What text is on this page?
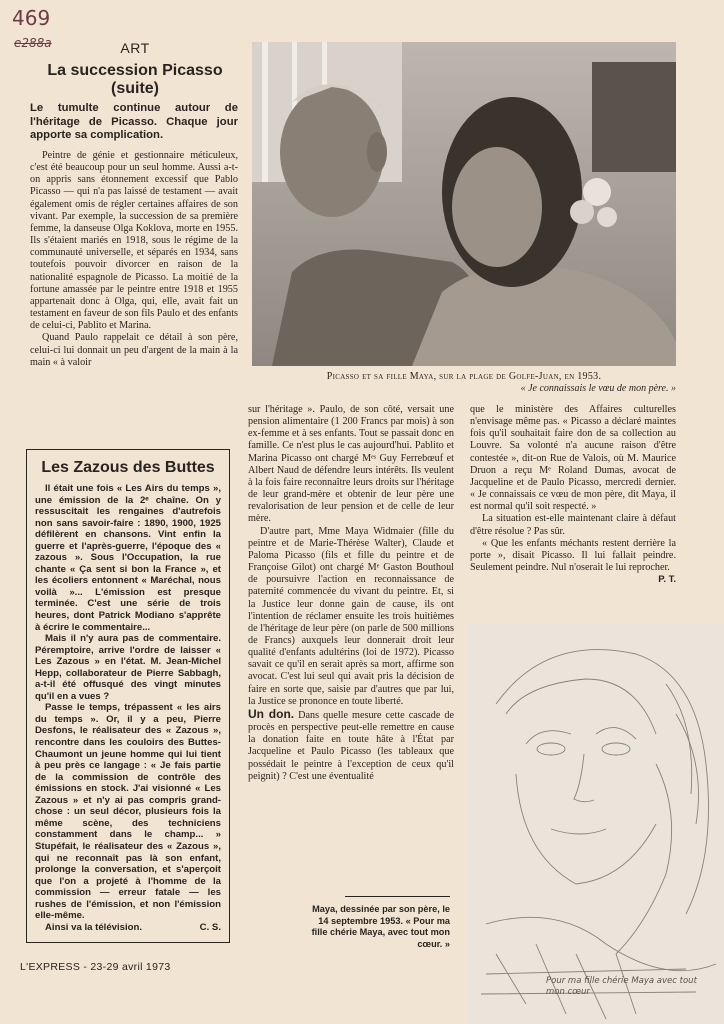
469
e288a	ART
La succession Picasso (suite)
Le tumulte continue autour de l'héritage de Picasso. Chaque jour apporte sa complication.

Peintre de génie et gestionnaire méticuleux, c'est été beaucoup pour un seul homme. Aussi a-t-on appris sans étonnement excessif que Pablo Picasso — qui n'a pas laissé de testament — avait également omis de régler certaines affaires de son vivant. Par exemple, la succession de sa première femme, la danseuse Olga Koklova, morte en 1955. Ils s'étaient mariés en 1918, sous le régime de la communauté universelle, et séparés en 1934, sans toutefois pouvoir divorcer en raison de la nationalité espagnole de Picasso. La moitié de la fortune amassée par le peintre entre 1918 et 1955 appartenait donc à Olga, qui, elle, avait fait un testament en faveur de son fils Paulo et des enfants de celui-ci, Pablito et Marina.

Quand Paulo rappelait ce détail à son père, celui-ci lui donnait un peu d'argent de la main à la main « à valoir

Les Zazous des Buttes

Il était une fois « Les Airs du temps », une émission de la 2ᵉ chaîne. On y ressuscitait les rengaines d'autrefois non sans savoir-faire : 1890, 1900, 1925 défilèrent en chansons. Vint enfin la guerre et l'après-guerre, l'époque des « zazous ». Sous l'Occupation, la rue chante « Ça sent si bon la France », et les écoliers entonnent « Maréchal, nous voilà »... L'émission est presque terminée. C'est une série de trois heures, dont Patrick Modiano s'apprête à écrire le commentaire...

Mais il n'y aura pas de commentaire. Péremptoire, arrive l'ordre de laisser « Les Zazous » en l'état. M. Jean-Michel Hepp, collaborateur de Pierre Sabbagh, a-t-il été offusqué des vingt minutes qu'il en a vues ?

Passe le temps, trépassent « les airs du temps ». Or, il y a peu, Pierre Desfons, le réalisateur des « Zazous », rencontre dans les couloirs des Buttes-Chaumont un jeune homme qui lui tient à peu près ce langage : « Je fais partie de la commission de contrôle des émissions en stock. J'ai visionné « Les Zazous » et n'y ai pas compris grand-chose : un seul décor, plusieurs fois la même scène, des techniciens constamment dans le champ... » Stupéfait, le réalisateur des « Zazous », qui ne reconnaît pas là son enfant, prolonge la conversation, et s'aperçoit que l'on a projeté à l'homme de la commission — erreur fatale — les rushes de l'émission, et non l'émission elle-même.

Ainsi va la télévision.	C. S.

Picasso et sa fille Maya, sur la plage de Golfe-Juan, en 1953.
« Je connaissais le vœu de mon père. »

sur l'héritage ». Paulo, de son côté, versait une pension alimentaire (1 200 Francs par mois) à son ex-femme et à ses enfants. Tout se passait donc en famille. Ce n'est plus le cas aujourd'hui. Pablito et Marina Picasso ont chargé Mᵉˢ Guy Ferrebœuf et Albert Naud de défendre leurs intérêts. Ils veulent à la fois faire reconnaître leurs droits sur l'héritage de leur grand-mère et obtenir de leur père une revalorisation de leur pension et de celle de leur mère.

D'autre part, Mme Maya Widmaier (fille du peintre et de Marie-Thérèse Walter), Claude et Paloma Picasso (fils et fille du peintre et de Françoise Gilot) ont chargé Mᵉ Gaston Bouthoul de poursuivre l'action en reconnaissance de paternité commencée du vivant du peintre. Et, si la Justice leur donne gain de cause, ils ont l'intention de réclamer ensuite les trois huitièmes de l'héritage de leur père (on parle de 500 millions de Francs) auxquels leur donnerait droit leur qualité d'enfants adultérins (loi de 1972). Picasso savait ce qu'il en serait après sa mort, affirme son avocat. C'est lui seul qui avait pris la décision de faire en sorte que, saisie par d'autres que par lui, la Justice se prononce en toute liberté.

Un don. Dans quelle mesure cette cascade de procès en perspective peut-elle remettre en cause la donation faite en toute hâte à l'État par Jacqueline et Paulo Picasso (les tableaux que possédait le peintre à l'exception de ceux qu'il peignit) ? C'est une éventualité

que le ministère des Affaires culturelles n'envisage même pas. « Picasso a déclaré maintes fois qu'il souhaitait faire don de sa collection au Louvre. Sa volonté n'a aucune raison d'être contestée », dit-on Rue de Valois, où M. Maurice Druon a reçu Mᵉ Roland Dumas, avocat de Jacqueline et de Paulo Picasso, mercredi dernier. « Je connaissais ce vœu de mon père, dit Maya, il est normal qu'il soit respecté. »

La situation est-elle maintenant claire à défaut d'être résolue ? Pas sûr.

« Que les enfants méchants restent derrière la porte », disait Picasso. Il lui fallait peindre. Seulement peindre. Nul n'oserait le lui reprocher.

P. T.
Pour ma fille chérie Maya avec tout mon cœur
Maya, dessinée par son père, le 14 septembre 1953. « Pour ma fille chérie Maya, avec tout mon cœur. »
L'EXPRESS - 23-29 avril 1973
